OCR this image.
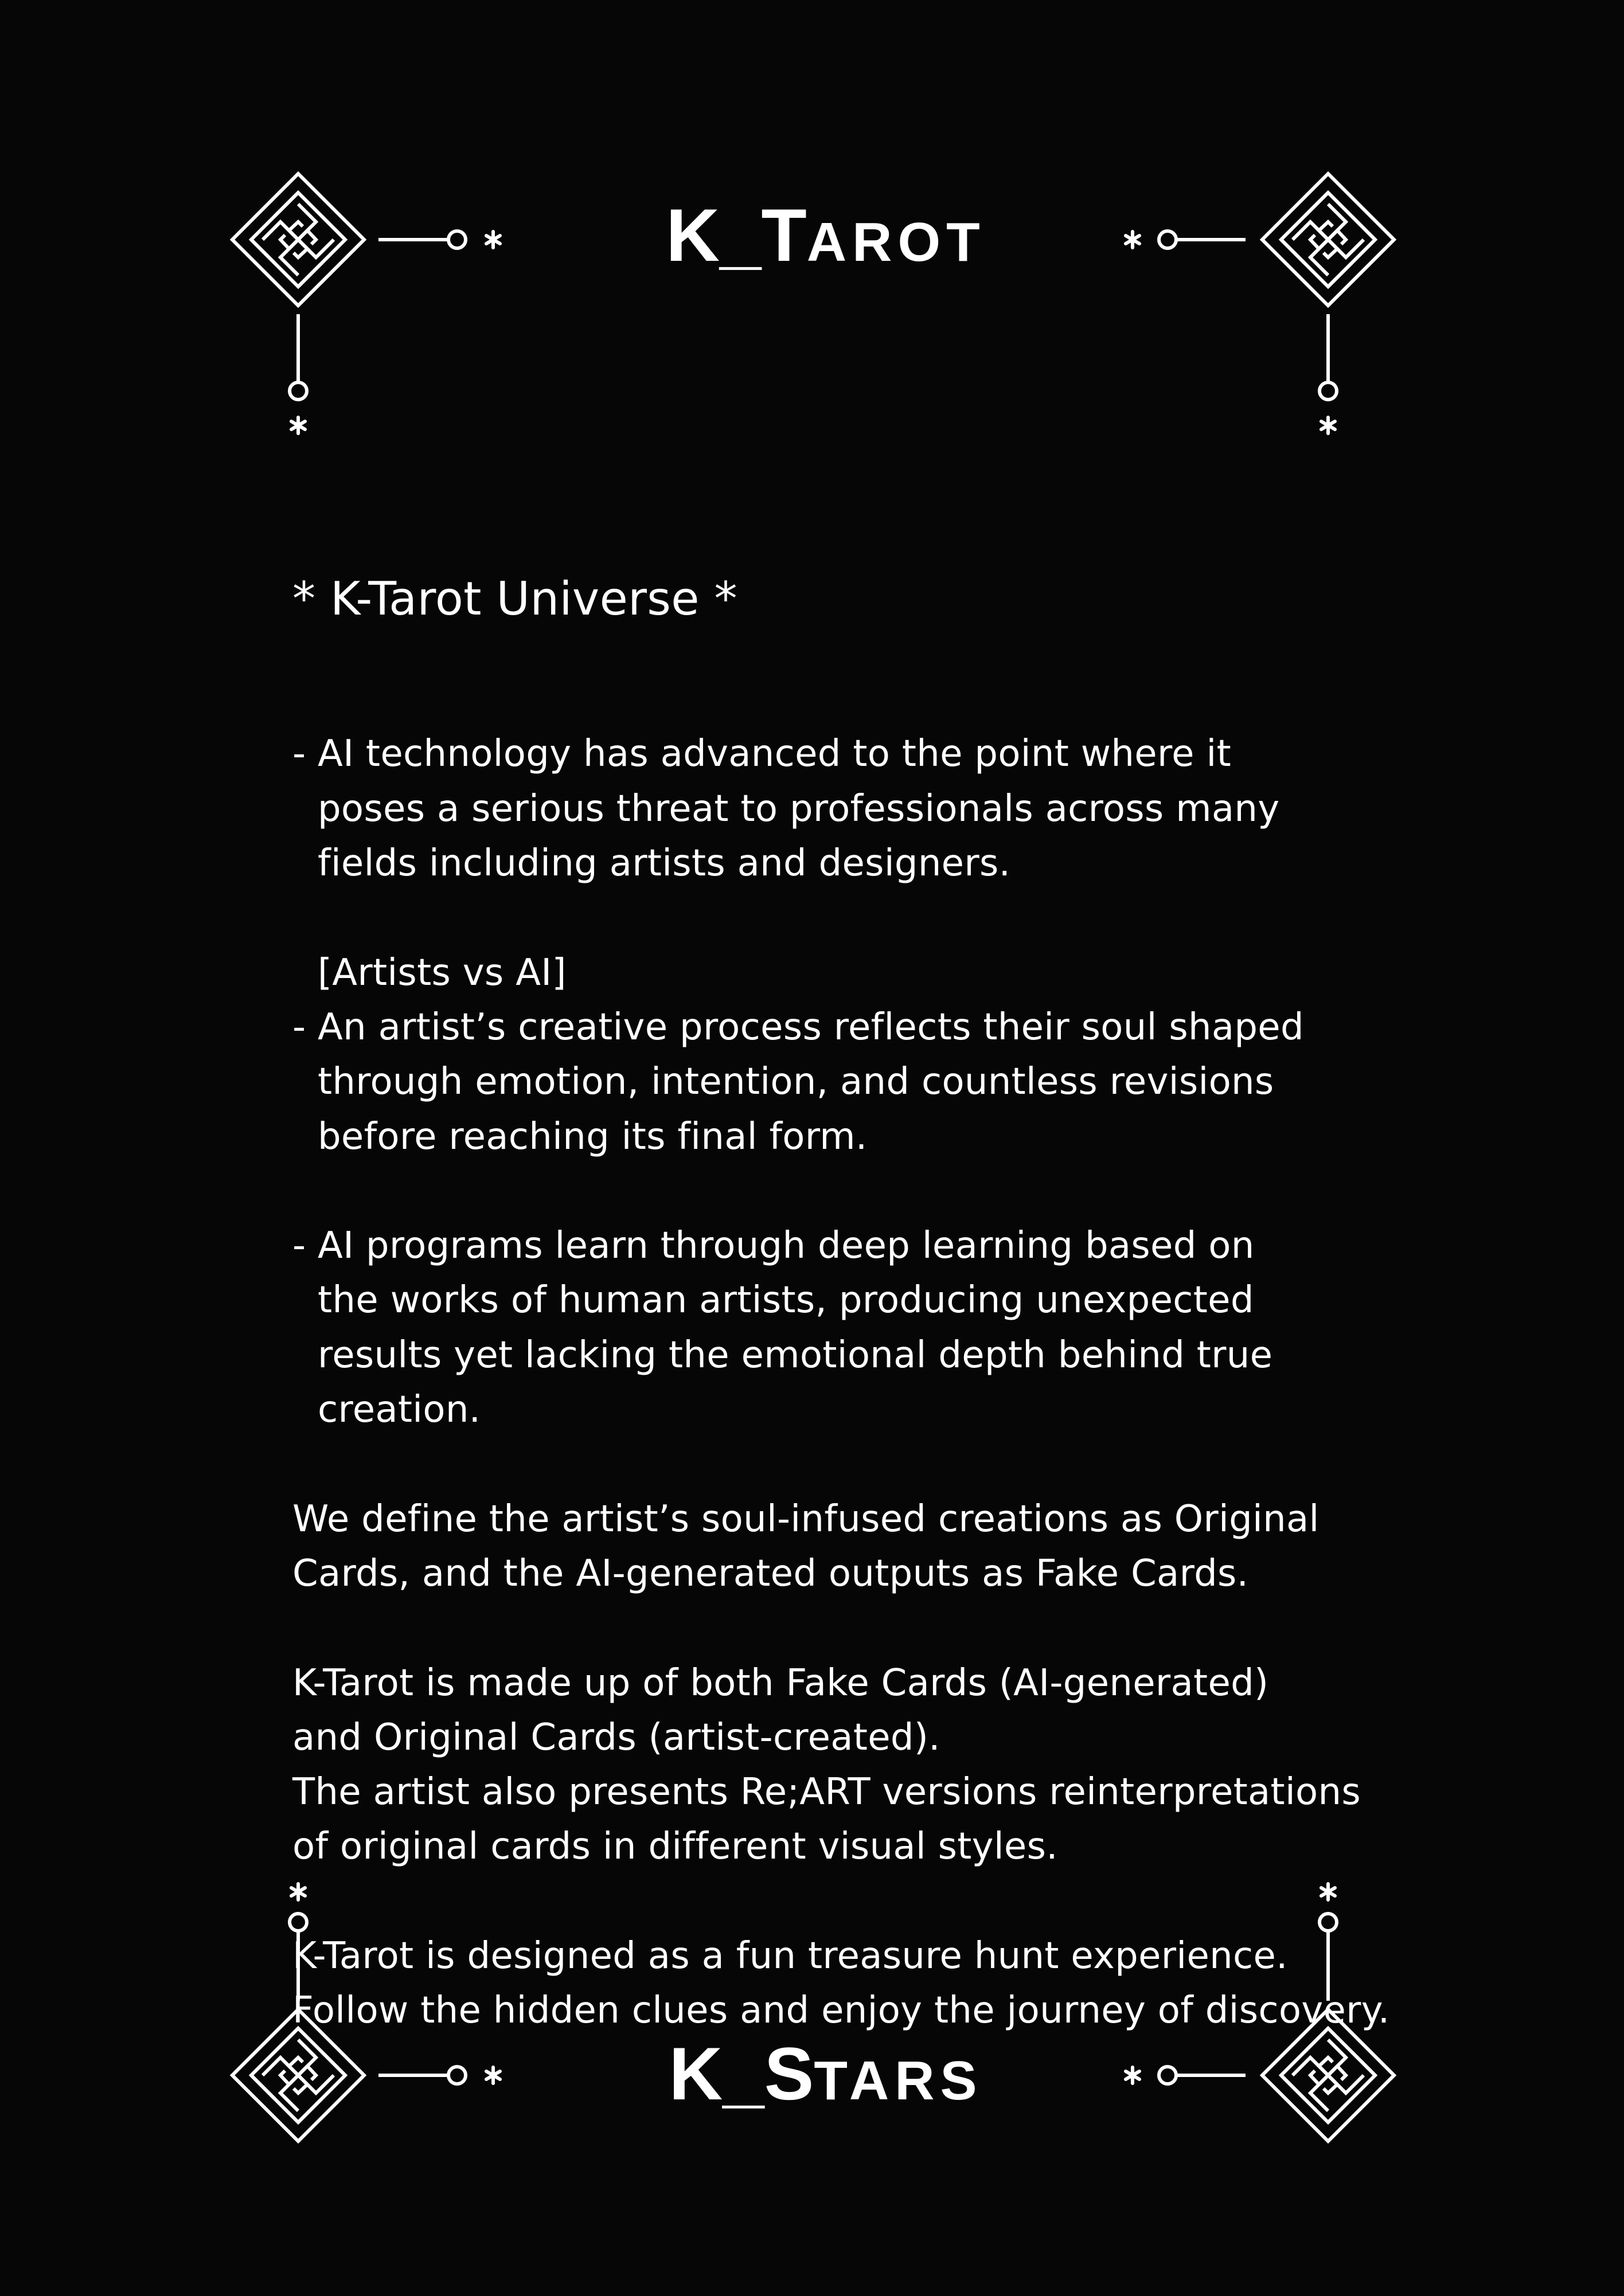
K_TAROT

* K-Tarot Universe *

- AI technology has advanced to the point where it
poses a serious threat to professionals across many
fields including artists and designers.
[Artists vs AI]
- An artist’s creative process reflects their soul shaped
through emotion, intention, and countless revisions
before reaching its final form.
- AI programs learn through deep learning based on
the works of human artists, producing unexpected
results yet lacking the emotional depth behind true
creation.
We define the artist’s soul-infused creations as Original
Cards, and the AI-generated outputs as Fake Cards.
K-Tarot is made up of both Fake Cards (AI-generated)
and Original Cards (artist-created).
The artist also presents Re;ART versions reinterpretations
of original cards in different visual styles.
K-Tarot is designed as a fun treasure hunt experience.
Follow the hidden clues and enjoy the journey of discovery.

K_STARS
